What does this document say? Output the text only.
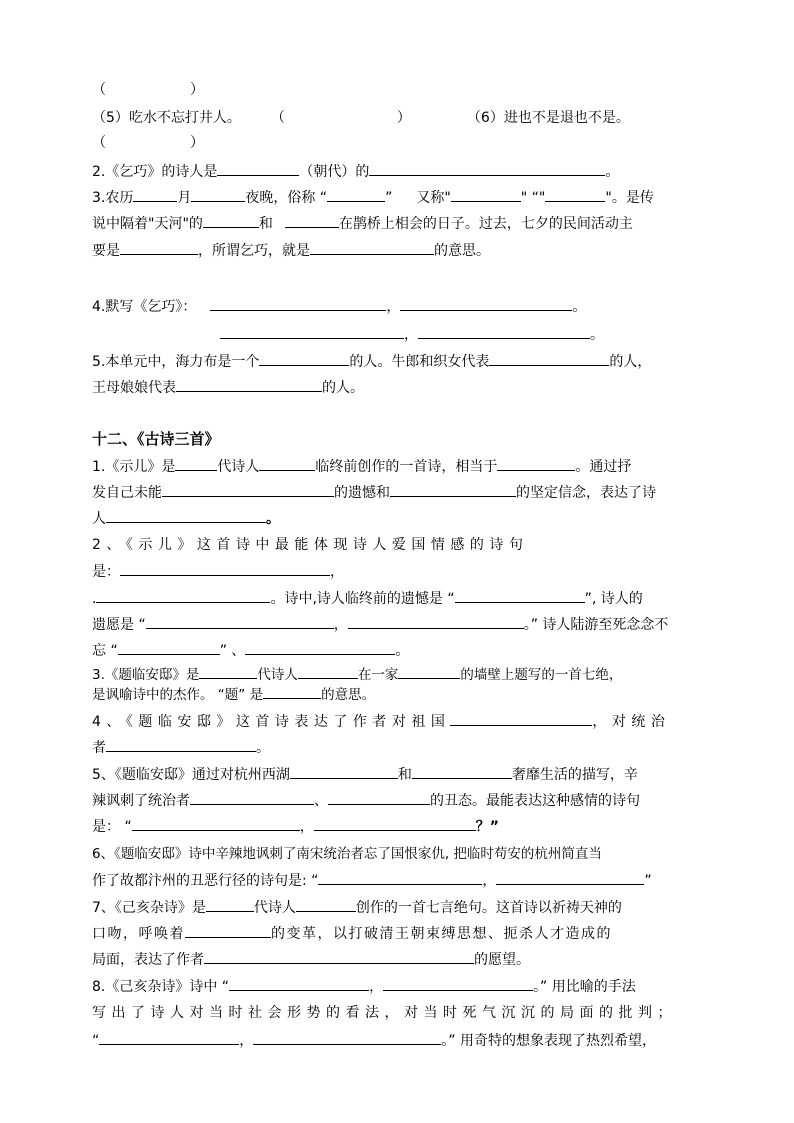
（	）
（5）吃水不忘打井人。 （	）	（6）进也不是退也不是。
（	）
2.《乞巧》的诗人是	（朝代）的	。
3.农历	月	夜晚，俗称 “	” 又称"	" “"	"。是传
说中隔着"天河"的	和	在鹊桥上相会的日子。过去，七夕的民间活动主
要是	，所谓乞巧，就是	的意思。
4.默写《乞巧》：	，	。
，	。
5.本单元中，海力布是一个	的人。牛郎和织女代表	的人，
王母娘娘代表	的人。
十二、《古诗三首》
1.《示儿》是	代诗人	临终前创作的一首诗，相当于	。通过抒
发自己未能	的遗憾和	的坚定信念，表达了诗
人	。
2、《示儿》这首诗中最能体现诗人爱国情感的诗句
是：	，
.	。诗中,诗人临终前的遗憾是 “	”, 诗人的
遗愿是 “	，	。” 诗人陆游至死念念不
忘 “	” 、	。
3.《题临安邸》是	代诗人	在一家	的墙壁上题写的一首七绝，
是讽喻诗中的杰作。 “题” 是	的意思。
4、《题临安邸》这首诗表达了作者对祖国	，对统治
者	。
5、《题临安邸》通过对杭州西湖	和	奢靡生活的描写，辛
辣讽刺了统治者	、	的丑态。最能表达这种感情的诗句
是： “	，	？”
6、《题临安邸》诗中辛辣地讽刺了南宋统治者忘了国恨家仇, 把临时苟安的杭州简直当
作了故都汴州的丑恶行径的诗句是: “	，	”
7、《己亥杂诗》是	代诗人	创作的一首七言绝句。这首诗以祈祷天神的
口吻，呼唤着	的变革，以打破清王朝束缚思想、扼杀人才造成的
局面，表达了作者	的愿望。
8.《己亥杂诗》诗中 “	，	。” 用比喻的手法
写出了诗人对当时社会形势的看法，对当时死气沉沉的局面的批判；
“	，	。” 用奇特的想象表现了热烈希望，
